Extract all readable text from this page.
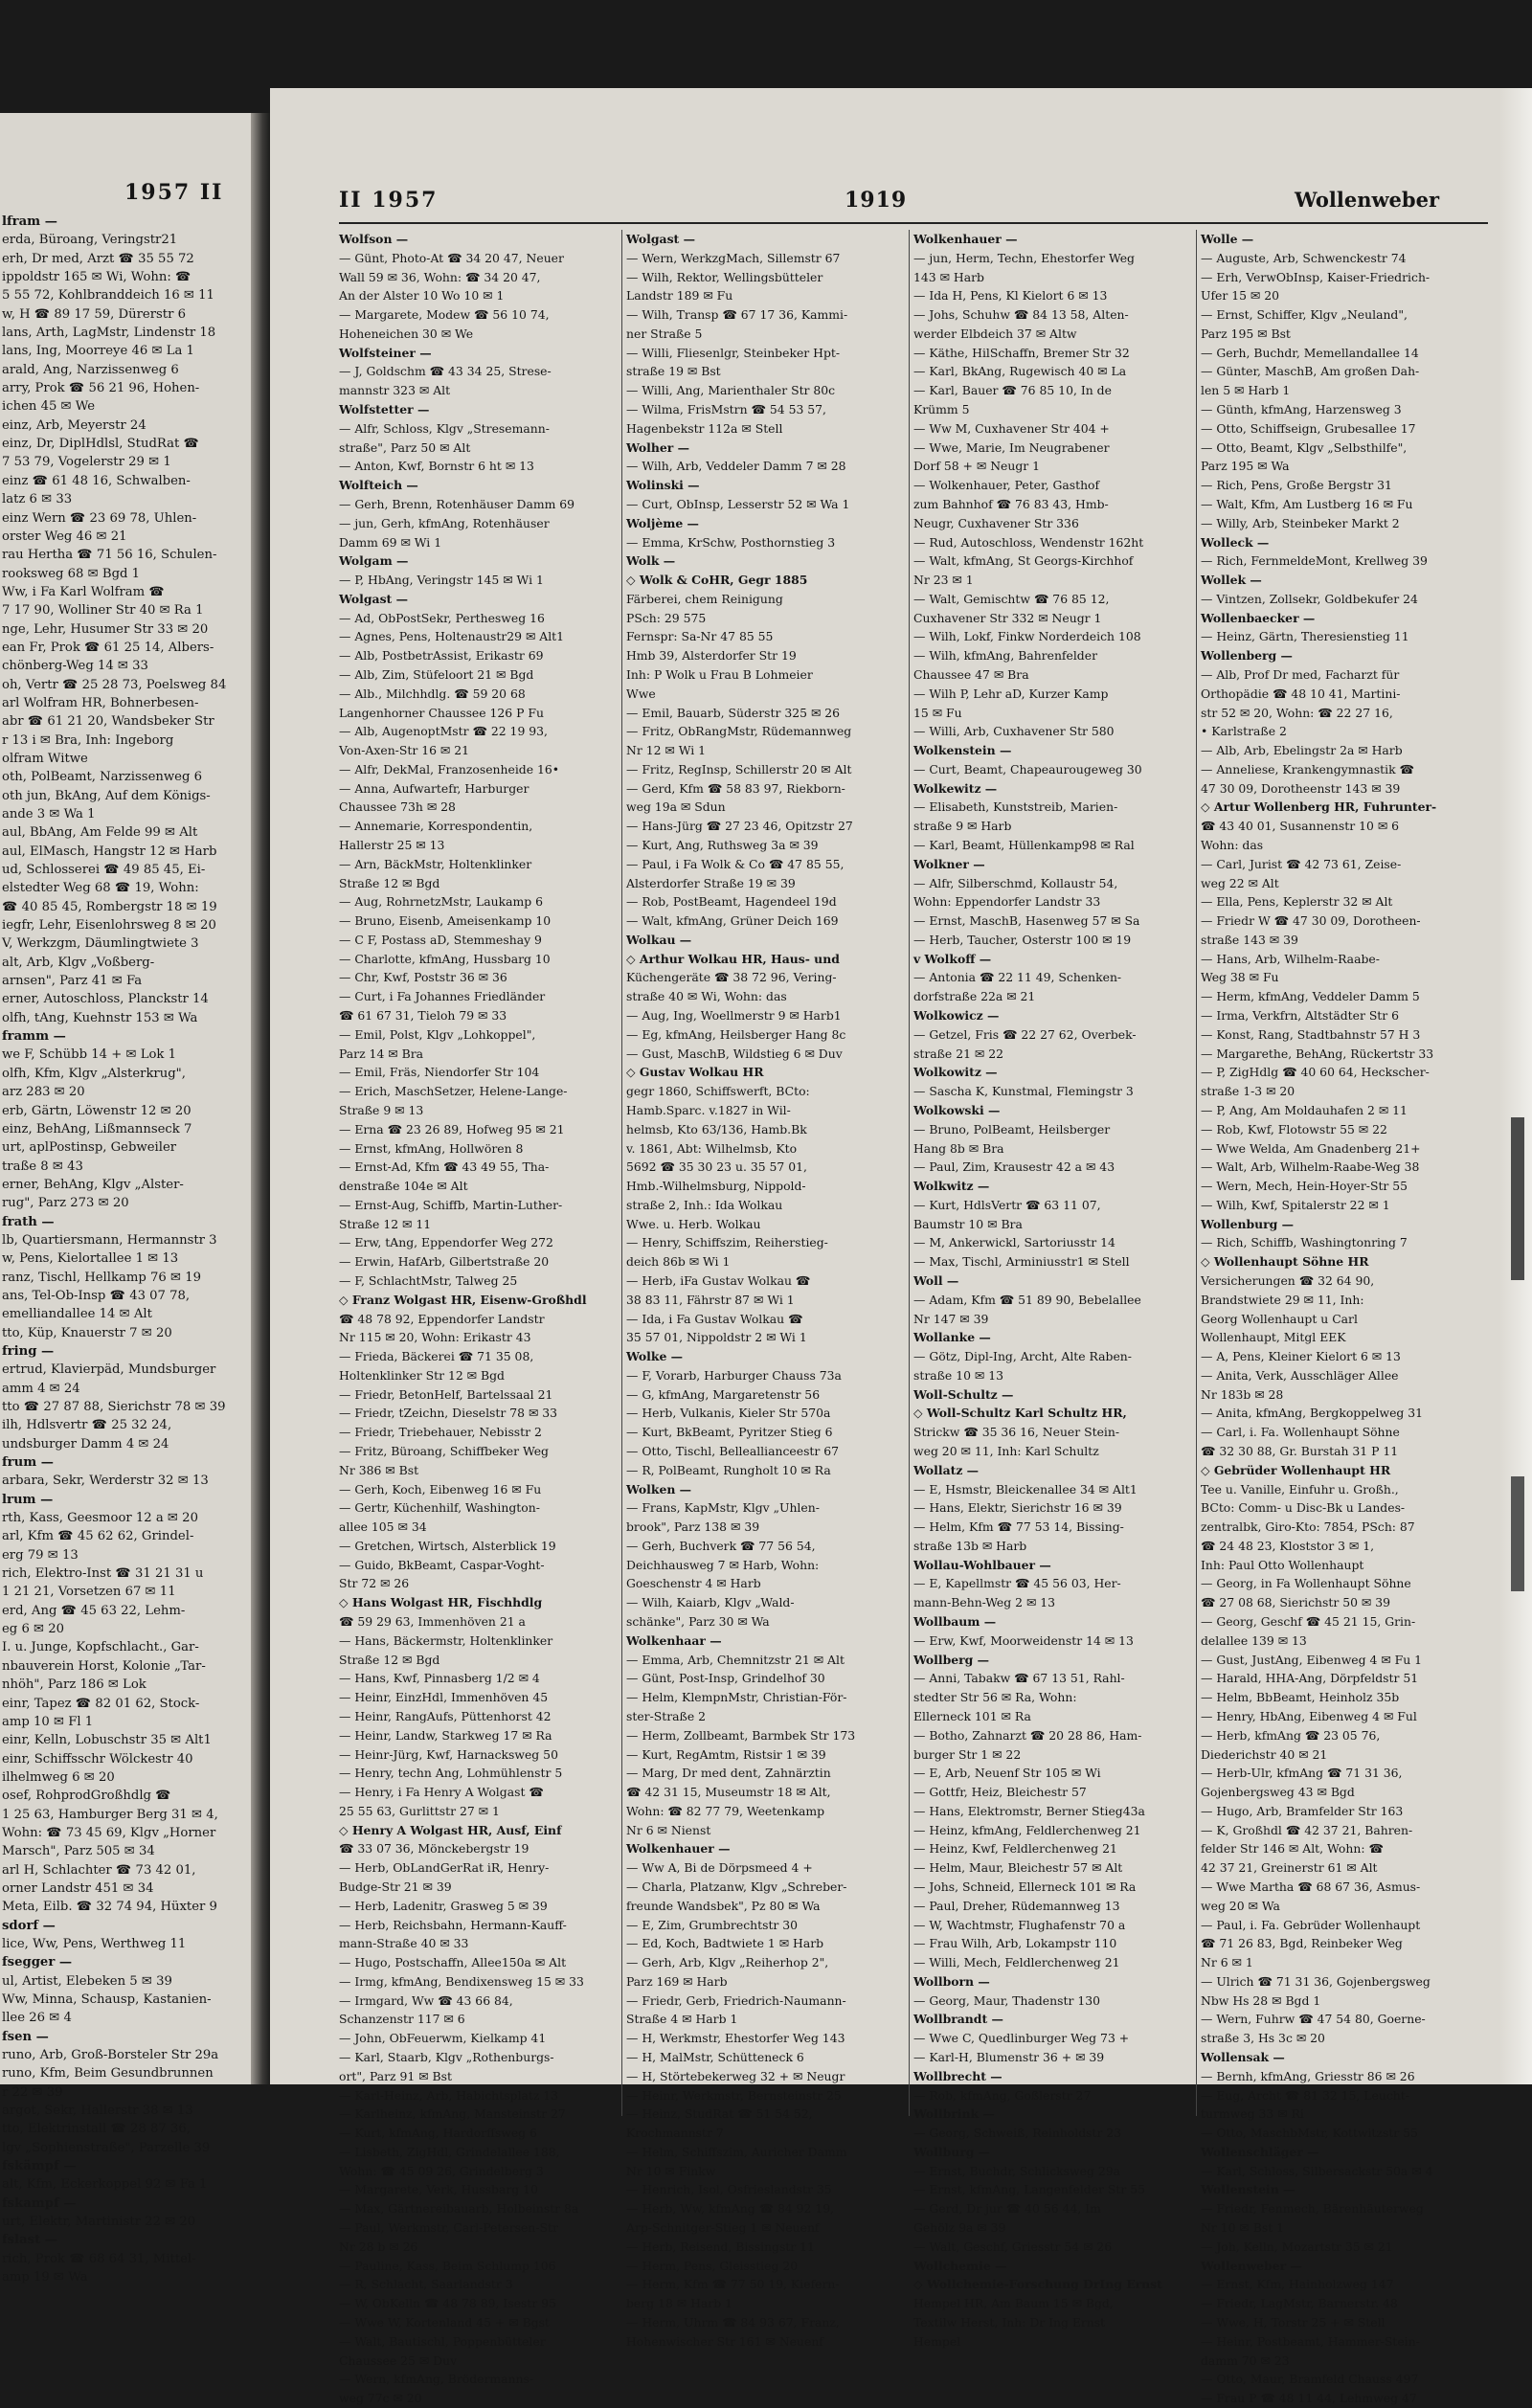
1957 II
lfram —
erda, Büroang, Veringstr21
erh, Dr med, Arzt ☎ 35 55 72
ippoldstr 165 ✉ Wi, Wohn: ☎
5 55 72, Kohlbranddeich 16 ✉ 11
w, H ☎ 89 17 59, Dürerstr 6
lans, Arth, LagMstr, Lindenstr 18
lans, Ing, Moorreye 46 ✉ La 1
arald, Ang, Narzissenweg 6
arry, Prok ☎ 56 21 96, Hohen-
ichen 45 ✉ We
einz, Arb, Meyerstr 24
einz, Dr, DiplHdlsl, StudRat ☎
7 53 79, Vogelerstr 29 ✉ 1
einz ☎ 61 48 16, Schwalben-
latz 6 ✉ 33
einz Wern ☎ 23 69 78, Uhlen-
orster Weg 46 ✉ 21
rau Hertha ☎ 71 56 16, Schulen-
rooksweg 68 ✉ Bgd 1
Ww, i Fa Karl Wolfram ☎
7 17 90, Wolliner Str 40 ✉ Ra 1
nge, Lehr, Husumer Str 33 ✉ 20
ean Fr, Prok ☎ 61 25 14, Albers-
chönberg-Weg 14 ✉ 33
oh, Vertr ☎ 25 28 73, Poelsweg 84
arl Wolfram HR, Bohnerbesen-
abr ☎ 61 21 20, Wandsbeker Str
r 13 i ✉ Bra, Inh: Ingeborg
olfram Witwe
oth, PolBeamt, Narzissenweg 6
oth jun, BkAng, Auf dem Königs-
ande 3 ✉ Wa 1
aul, BbAng, Am Felde 99 ✉ Alt
aul, ElMasch, Hangstr 12 ✉ Harb
ud, Schlosserei ☎ 49 85 45, Ei-
elstedter Weg 68 ☎ 19, Wohn:
☎ 40 85 45, Rombergstr 18 ✉ 19
iegfr, Lehr, Eisenlohrsweg 8 ✉ 20
V, Werkzgm, Däumlingtwiete 3
alt, Arb, Klgv „Voßberg-
arnsen", Parz 41 ✉ Fa
erner, Autoschloss, Planckstr 14
olfh, tAng, Kuehnstr 153 ✉ Wa
framm —
we F, Schübb 14 + ✉ Lok 1
olfh, Kfm, Klgv „Alsterkrug",
arz 283 ✉ 20
erb, Gärtn, Löwenstr 12 ✉ 20
einz, BehAng, Lißmannseck 7
urt, aplPostinsp, Gebweiler
traße 8 ✉ 43
erner, BehAng, Klgv „Alster-
rug", Parz 273 ✉ 20
frath —
lb, Quartiersmann, Hermannstr 3
w, Pens, Kielortallee 1 ✉ 13
ranz, Tischl, Hellkamp 76 ✉ 19
ans, Tel-Ob-Insp ☎ 43 07 78,
emelliandallee 14 ✉ Alt
tto, Küp, Knauerstr 7 ✉ 20
fring —
ertrud, Klavierpäd, Mundsburger
amm 4 ✉ 24
tto ☎ 27 87 88, Sierichstr 78 ✉ 39
ilh, Hdlsvertr ☎ 25 32 24,
undsburger Damm 4 ✉ 24
frum —
arbara, Sekr, Werderstr 32 ✉ 13
lrum —
rth, Kass, Geesmoor 12 a ✉ 20
arl, Kfm ☎ 45 62 62, Grindel-
erg 79 ✉ 13
rich, Elektro-Inst ☎ 31 21 31 u
1 21 21, Vorsetzen 67 ✉ 11
erd, Ang ☎ 45 63 22, Lehm-
eg 6 ✉ 20
I. u. Junge, Kopfschlacht., Gar-
nbauverein Horst, Kolonie „Tar-
nhöh", Parz 186 ✉ Lok
einr, Tapez ☎ 82 01 62, Stock-
amp 10 ✉ Fl 1
einr, Kelln, Lobuschstr 35 ✉ Alt1
einr, Schiffsschr Wölckestr 40
ilhelmweg 6 ✉ 20
osef, RohprodGroßhdlg ☎
1 25 63, Hamburger Berg 31 ✉ 4,
Wohn: ☎ 73 45 69, Klgv „Horner
Marsch", Parz 505 ✉ 34
arl H, Schlachter ☎ 73 42 01,
orner Landstr 451 ✉ 34
Meta, Eilb. ☎ 32 74 94, Hüxter 9
sdorf —
lice, Ww, Pens, Werthweg 11
fsegger —
ul, Artist, Elebeken 5 ✉ 39
Ww, Minna, Schausp, Kastanien-
llee 26 ✉ 4
fsen —
runo, Arb, Groß-Borsteler Str 29a
runo, Kfm, Beim Gesundbrunnen
r 22 ✉ 39
argot, Sekr, Hallerstr 38 ✉ 13
tto, Elektrinstall ☎ 28 87 36,
lgv „Sophienstraße", Parzelle 39
fskämpf —
alt, Kfm, Eckerkoppel 92 ✉ Fa 1
fskampf —
urt, Elektr, Martinistr 22 ✉ 20
fslast —
rich, Prok ☎ 68 64 31, Mittel-
amp 19 ✉ Wa
II 1957	1919	Wollenweber
Wolfson —
— Günt, Photo-At ☎ 34 20 47, Neuer
Wall 59 ✉ 36, Wohn: ☎ 34 20 47,
An der Alster 10 Wo 10 ✉ 1
— Margarete, Modew ☎ 56 10 74,
Hoheneichen 30 ✉ We
Wolfsteiner —
— J, Goldschm ☎ 43 34 25, Strese-
mannstr 323 ✉ Alt
Wolfstetter —
— Alfr, Schloss, Klgv „Stresemann-
straße", Parz 50 ✉ Alt
— Anton, Kwf, Bornstr 6 ht ✉ 13
Wolfteich —
— Gerh, Brenn, Rotenhäuser Damm 69
— jun, Gerh, kfmAng, Rotenhäuser
Damm 69 ✉ Wi 1
Wolgam —
— P, HbAng, Veringstr 145 ✉ Wi 1
Wolgast —
— Ad, ObPostSekr, Perthesweg 16
— Agnes, Pens, Holtenaustr29 ✉ Alt1
— Alb, PostbetrAssist, Erikastr 69
— Alb, Zim, Stüfeloort 21 ✉ Bgd
— Alb., Milchhdlg. ☎ 59 20 68
Langenhorner Chaussee 126 P Fu
— Alb, AugenoptMstr ☎ 22 19 93,
Von-Axen-Str 16 ✉ 21
— Alfr, DekMal, Franzosenheide 16•
— Anna, Aufwartefr, Harburger
Chaussee 73h ✉ 28
— Annemarie, Korrespondentin,
Hallerstr 25 ✉ 13
— Arn, BäckMstr, Holtenklinker
Straße 12 ✉ Bgd
— Aug, RohrnetzMstr, Laukamp 6
— Bruno, Eisenb, Ameisenkamp 10
— C F, Postass aD, Stemmeshay 9
— Charlotte, kfmAng, Hussbarg 10
— Chr, Kwf, Poststr 36 ✉ 36
— Curt, i Fa Johannes Friedländer
☎ 61 67 31, Tieloh 79 ✉ 33
— Emil, Polst, Klgv „Lohkoppel",
Parz 14 ✉ Bra
— Emil, Fräs, Niendorfer Str 104
— Erich, MaschSetzer, Helene-Lange-
Straße 9 ✉ 13
— Erna ☎ 23 26 89, Hofweg 95 ✉ 21
— Ernst, kfmAng, Hollwören 8
— Ernst-Ad, Kfm ☎ 43 49 55, Tha-
denstraße 104e ✉ Alt
— Ernst-Aug, Schiffb, Martin-Luther-
Straße 12 ✉ 11
— Erw, tAng, Eppendorfer Weg 272
— Erwin, HafArb, Gilbertstraße 20
— F, SchlachtMstr, Talweg 25
◇ Franz Wolgast HR, Eisenw-Großhdl
☎ 48 78 92, Eppendorfer Landstr
Nr 115 ✉ 20, Wohn: Erikastr 43
— Frieda, Bäckerei ☎ 71 35 08,
Holtenklinker Str 12 ✉ Bgd
— Friedr, BetonHelf, Bartelssaal 21
— Friedr, tZeichn, Dieselstr 78 ✉ 33
— Friedr, Triebehauer, Nebisstr 2
— Fritz, Büroang, Schiffbeker Weg
Nr 386 ✉ Bst
— Gerh, Koch, Eibenweg 16 ✉ Fu
— Gertr, Küchenhilf, Washington-
allee 105 ✉ 34
— Gretchen, Wirtsch, Alsterblick 19
— Guido, BkBeamt, Caspar-Voght-
Str 72 ✉ 26
◇ Hans Wolgast HR, Fischhdlg
☎ 59 29 63, Immenhöven 21 a
— Hans, Bäckermstr, Holtenklinker
Straße 12 ✉ Bgd
— Hans, Kwf, Pinnasberg 1/2 ✉ 4
— Heinr, EinzHdl, Immenhöven 45
— Heinr, RangAufs, Püttenhorst 42
— Heinr, Landw, Starkweg 17 ✉ Ra
— Heinr-Jürg, Kwf, Harnacksweg 50
— Henry, techn Ang, Lohmühlenstr 5
— Henry, i Fa Henry A Wolgast ☎
25 55 63, Gurlittstr 27 ✉ 1
◇ Henry A Wolgast HR, Ausf, Einf
☎ 33 07 36, Mönckebergstr 19
— Herb, ObLandGerRat iR, Henry-
Budge-Str 21 ✉ 39
— Herb, Ladenitr, Grasweg 5 ✉ 39
— Herb, Reichsbahn, Hermann-Kauff-
mann-Straße 40 ✉ 33
— Hugo, Postschaffn, Allee150a ✉ Alt
— Irmg, kfmAng, Bendixensweg 15 ✉ 33
— Irmgard, Ww ☎ 43 66 84,
Schanzenstr 117 ✉ 6
— John, ObFeuerwm, Kielkamp 41
— Karl, Staarb, Klgv „Rothenburgs-
ort", Parz 91 ✉ Bst
— Karl-Heinz, Arb, Habichtsplatz 13
— Karlheinz, kfmAng, Mansteinstr 27
— Kurt, kfmAng, Hardorffsweg 6
— Lisbeth, ZigHdl, Grindelallee 188,
Wohn: ☎ 45 09 26, Grindelberg 3
— Margarete, Verk, Hussbarg 10
— Max, Gärtnereibauarb, Holbeinstr 8a
— Paul, Werkmstr, Carl-Petersen-Str
Nr 28 b ✉ 26
— Pauline, Kass, Beim Schlump 106
— R, Schlacht, Saarlandstr 3
— W, ObKelln ☎ 48 78 89, Isestr 95
— Wwe W, Kortenland 45 + ✉ Bgst
— Walt, Bautischl, Poppenbütteler
Chaussee 25 ✉ Duv
— Wern, kfmAng, Brödermanns-
weg 77c ✉ 20
Wolgast —
— Wern, WerkzgMach, Sillemstr 67
— Wilh, Rektor, Wellingsbütteler
Landstr 189 ✉ Fu
— Wilh, Transp ☎ 67 17 36, Kammi-
ner Straße 5
— Willi, Fliesenlgr, Steinbeker Hpt-
straße 19 ✉ Bst
— Willi, Ang, Marienthaler Str 80c
— Wilma, FrisMstrn ☎ 54 53 57,
Hagenbekstr 112a ✉ Stell
Wolher —
— Wilh, Arb, Veddeler Damm 7 ✉ 28
Wolinski —
— Curt, ObInsp, Lesserstr 52 ✉ Wa 1
Woljème —
— Emma, KrSchw, Posthornstieg 3
Wolk —
◇ Wolk & CoHR, Gegr 1885
Färberei, chem Reinigung
PSch: 29 575
Fernspr: Sa-Nr 47 85 55
Hmb 39, Alsterdorfer Str 19
Inh: P Wolk u Frau B Lohmeier
Wwe
— Emil, Bauarb, Süderstr 325 ✉ 26
— Fritz, ObRangMstr, Rüdemannweg
Nr 12 ✉ Wi 1
— Fritz, RegInsp, Schillerstr 20 ✉ Alt
— Gerd, Kfm ☎ 58 83 97, Riekborn-
weg 19a ✉ Sdun
— Hans-Jürg ☎ 27 23 46, Opitzstr 27
— Kurt, Ang, Ruthsweg 3a ✉ 39
— Paul, i Fa Wolk & Co ☎ 47 85 55,
Alsterdorfer Straße 19 ✉ 39
— Rob, PostBeamt, Hagendeel 19d
— Walt, kfmAng, Grüner Deich 169
Wolkau —
◇ Arthur Wolkau HR, Haus- und
Küchengeräte ☎ 38 72 96, Vering-
straße 40 ✉ Wi, Wohn: das
— Aug, Ing, Woellmerstr 9 ✉ Harb1
— Eg, kfmAng, Heilsberger Hang 8c
— Gust, MaschB, Wildstieg 6 ✉ Duv
◇ Gustav Wolkau HR
gegr 1860, Schiffswerft, BCto:
Hamb.Sparc. v.1827 in Wil-
helmsb, Kto 63/136, Hamb.Bk
v. 1861, Abt: Wilhelmsb, Kto
5692 ☎ 35 30 23 u. 35 57 01,
Hmb.-Wilhelmsburg, Nippold-
straße 2, Inh.: Ida Wolkau
Wwe. u. Herb. Wolkau
— Henry, Schiffszim, Reiherstieg-
deich 86b ✉ Wi 1
— Herb, iFa Gustav Wolkau ☎
38 83 11, Fährstr 87 ✉ Wi 1
— Ida, i Fa Gustav Wolkau ☎
35 57 01, Nippoldstr 2 ✉ Wi 1
Wolke —
— F, Vorarb, Harburger Chauss 73a
— G, kfmAng, Margaretenstr 56
— Herb, Vulkanis, Kieler Str 570a
— Kurt, BkBeamt, Pyritzer Stieg 6
— Otto, Tischl, Belleallianceestr 67
— R, PolBeamt, Rungholt 10 ✉ Ra
Wolken —
— Frans, KapMstr, Klgv „Uhlen-
brook", Parz 138 ✉ 39
— Gerh, Buchverk ☎ 77 56 54,
Deichhausweg 7 ✉ Harb, Wohn:
Goeschenstr 4 ✉ Harb
— Wilh, Kaiarb, Klgv „Wald-
schänke", Parz 30 ✉ Wa
Wolkenhaar —
— Emma, Arb, Chemnitzstr 21 ✉ Alt
— Günt, Post-Insp, Grindelhof 30
— Helm, KlempnMstr, Christian-För-
ster-Straße 2
— Herm, Zollbeamt, Barmbek Str 173
— Kurt, RegAmtm, Ristsir 1 ✉ 39
— Marg, Dr med dent, Zahnärztin
☎ 42 31 15, Museumstr 18 ✉ Alt,
Wohn: ☎ 82 77 79, Weetenkamp
Nr 6 ✉ Nienst
Wolkenhauer —
— Ww A, Bi de Dörpsmeed 4 +
— Charla, Platzanw, Klgv „Schreber-
freunde Wandsbek", Pz 80 ✉ Wa
— E, Zim, Grumbrechtstr 30
— Ed, Koch, Badtwiete 1 ✉ Harb
— Gerh, Arb, Klgv „Reiherhop 2",
Parz 169 ✉ Harb
— Friedr, Gerb, Friedrich-Naumann-
Straße 4 ✉ Harb 1
— H, Werkmstr, Ehestorfer Weg 143
— H, MalMstr, Schütteneck 6
— H, Störtebekerweg 32 + ✉ Neugr
— Heinr, Werkmstr, Bernsteinstr 25
— Heinz, StudRat ☎ 51 54 52,
Krochmannstr 7
— Helm, Schiffszim, Auricher Damm
Nr 10 ✉ Finkw
— Henrich, Isol, Osfrieslandstr 35
— Herb, Ww, kfmAng ☎ 84 92 19,
Arp-Schnitger-Stieg 1 ✉ Neuenf
— Herb, Reisend, Bissingstr 11
— Herm, Pens, Gleisstieg 20
— Herm, Kfm ☎ 77 50 19, Kiefern-
berg 18 ✉ Harb 1
— Herm, Uhrm ☎ 84 93 67, Franz,
Hohenwischer Str 161 ✉ Neuenf
Wolkenhauer —
— jun, Herm, Techn, Ehestorfer Weg
143 ✉ Harb
— Ida H, Pens, Kl Kielort 6 ✉ 13
— Johs, Schuhw ☎ 84 13 58, Alten-
werder Elbdeich 37 ✉ Altw
— Käthe, HilSchaffn, Bremer Str 32
— Karl, BkAng, Rugewisch 40 ✉ La
— Karl, Bauer ☎ 76 85 10, In de
Krümm 5
— Ww M, Cuxhavener Str 404 +
— Wwe, Marie, Im Neugrabener
Dorf 58 + ✉ Neugr 1
— Wolkenhauer, Peter, Gasthof
zum Bahnhof ☎ 76 83 43, Hmb-
Neugr, Cuxhavener Str 336
— Rud, Autoschloss, Wendenstr 162ht
— Walt, kfmAng, St Georgs-Kirchhof
Nr 23 ✉ 1
— Walt, Gemischtw ☎ 76 85 12,
Cuxhavener Str 332 ✉ Neugr 1
— Wilh, Lokf, Finkw Norderdeich 108
— Wilh, kfmAng, Bahrenfelder
Chaussee 47 ✉ Bra
— Wilh P, Lehr aD, Kurzer Kamp
15 ✉ Fu
— Willi, Arb, Cuxhavener Str 580
Wolkenstein —
— Curt, Beamt, Chapeaurougeweg 30
Wolkewitz —
— Elisabeth, Kunststreib, Marien-
straße 9 ✉ Harb
— Karl, Beamt, Hüllenkamp98 ✉ Ral
Wolkner —
— Alfr, Silberschmd, Kollaustr 54,
Wohn: Eppendorfer Landstr 33
— Ernst, MaschB, Hasenweg 57 ✉ Sa
— Herb, Taucher, Osterstr 100 ✉ 19
v Wolkoff —
— Antonia ☎ 22 11 49, Schenken-
dorfstraße 22a ✉ 21
Wolkowicz —
— Getzel, Fris ☎ 22 27 62, Overbek-
straße 21 ✉ 22
Wolkowitz —
— Sascha K, Kunstmal, Flemingstr 3
Wolkowski —
— Bruno, PolBeamt, Heilsberger
Hang 8b ✉ Bra
— Paul, Zim, Krausestr 42 a ✉ 43
Wolkwitz —
— Kurt, HdlsVertr ☎ 63 11 07,
Baumstr 10 ✉ Bra
— M, Ankerwickl, Sartoriusstr 14
— Max, Tischl, Arminiusstr1 ✉ Stell
Woll —
— Adam, Kfm ☎ 51 89 90, Bebelallee
Nr 147 ✉ 39
Wollanke —
— Götz, Dipl-Ing, Archt, Alte Raben-
straße 10 ✉ 13
Woll-Schultz —
◇ Woll-Schultz Karl Schultz HR,
Strickw ☎ 35 36 16, Neuer Stein-
weg 20 ✉ 11, Inh: Karl Schultz
Wollatz —
— E, Hsmstr, Bleickenallee 34 ✉ Alt1
— Hans, Elektr, Sierichstr 16 ✉ 39
— Helm, Kfm ☎ 77 53 14, Bissing-
straße 13b ✉ Harb
Wollau-Wohlbauer —
— E, Kapellmstr ☎ 45 56 03, Her-
mann-Behn-Weg 2 ✉ 13
Wollbaum —
— Erw, Kwf, Moorweidenstr 14 ✉ 13
Wollberg —
— Anni, Tabakw ☎ 67 13 51, Rahl-
stedter Str 56 ✉ Ra, Wohn:
Ellerneck 101 ✉ Ra
— Botho, Zahnarzt ☎ 20 28 86, Ham-
burger Str 1 ✉ 22
— E, Arb, Neuenf Str 105 ✉ Wi
— Gottfr, Heiz, Bleichestr 57
— Hans, Elektromstr, Berner Stieg43a
— Heinz, kfmAng, Feldlerchenweg 21
— Heinz, Kwf, Feldlerchenweg 21
— Helm, Maur, Bleichestr 57 ✉ Alt
— Johs, Schneid, Ellerneck 101 ✉ Ra
— Paul, Dreher, Rüdemannweg 13
— W, Wachtmstr, Flughafenstr 70 a
— Frau Wilh, Arb, Lokampstr 110
— Willi, Mech, Feldlerchenweg 21
Wollborn —
— Georg, Maur, Thadenstr 130
Wollbrandt —
— Wwe C, Quedlinburger Weg 73 +
— Karl-H, Blumenstr 36 + ✉ 39
Wollbrecht —
— Rob, kfmAng, Goßlerstr 27
Wollbrink —
— Georg, Schweiß, Reinholdstr 23
Wollburg —
— Ernst, Buchdr, Schlicksweg 29a
— Ernst, kfmAng, Langenfelder Str 55
— Gerd, Dr jur ☎ 40 56 44, Im
Gehölz 9a ✉ 39
— Walt, Geschf, Griesstr 54 ✉ 26
Wollchemie —
◇ Wollchemie-Forschung DrIng Ernst
Hempel HR, Am Baum 15 ✉ Bgd,
Textilw Herst, Inh: Dr Ing Ernst
Hempel
Wolle —
— Auguste, Arb, Schwenckestr 74
— Erh, VerwObInsp, Kaiser-Friedrich-
Ufer 15 ✉ 20
— Ernst, Schiffer, Klgv „Neuland",
Parz 195 ✉ Bst
— Gerh, Buchdr, Memellandallee 14
— Günter, MaschB, Am großen Dah-
len 5 ✉ Harb 1
— Günth, kfmAng, Harzensweg 3
— Otto, Schiffseign, Grubesallee 17
— Otto, Beamt, Klgv „Selbsthilfe",
Parz 195 ✉ Wa
— Rich, Pens, Große Bergstr 31
— Walt, Kfm, Am Lustberg 16 ✉ Fu
— Willy, Arb, Steinbeker Markt 2
Wolleck —
— Rich, FernmeldeMont, Krellweg 39
Wollek —
— Vintzen, Zollsekr, Goldbekufer 24
Wollenbaecker —
— Heinz, Gärtn, Theresienstieg 11
Wollenberg —
— Alb, Prof Dr med, Facharzt für
Orthopädie ☎ 48 10 41, Martini-
str 52 ✉ 20, Wohn: ☎ 22 27 16,
• Karlstraße 2
— Alb, Arb, Ebelingstr 2a ✉ Harb
— Anneliese, Krankengymnastik ☎
47 30 09, Dorotheenstr 143 ✉ 39
◇ Artur Wollenberg HR, Fuhrunter-
☎ 43 40 01, Susannenstr 10 ✉ 6
Wohn: das
— Carl, Jurist ☎ 42 73 61, Zeise-
weg 22 ✉ Alt
— Ella, Pens, Keplerstr 32 ✉ Alt
— Friedr W ☎ 47 30 09, Dorotheen-
straße 143 ✉ 39
— Hans, Arb, Wilhelm-Raabe-
Weg 38 ✉ Fu
— Herm, kfmAng, Veddeler Damm 5
— Irma, Verkfrn, Altstädter Str 6
— Konst, Rang, Stadtbahnstr 57 H 3
— Margarethe, BehAng, Rückertstr 33
— P, ZigHdlg ☎ 40 60 64, Heckscher-
straße 1-3 ✉ 20
— P, Ang, Am Moldauhafen 2 ✉ 11
— Rob, Kwf, Flotowstr 55 ✉ 22
— Wwe Welda, Am Gnadenberg 21+
— Walt, Arb, Wilhelm-Raabe-Weg 38
— Wern, Mech, Hein-Hoyer-Str 55
— Wilh, Kwf, Spitalerstr 22 ✉ 1
Wollenburg —
— Rich, Schiffb, Washingtonring 7
◇ Wollenhaupt Söhne HR
Versicherungen ☎ 32 64 90,
Brandstwiete 29 ✉ 11, Inh:
Georg Wollenhaupt u Carl
Wollenhaupt, Mitgl EEK
— A, Pens, Kleiner Kielort 6 ✉ 13
— Anita, Verk, Ausschläger Allee
Nr 183b ✉ 28
— Anita, kfmAng, Bergkoppelweg 31
— Carl, i. Fa. Wollenhaupt Söhne
☎ 32 30 88, Gr. Burstah 31 P 11
◇ Gebrüder Wollenhaupt HR
Tee u. Vanille, Einfuhr u. Großh.,
BCto: Comm- u Disc-Bk u Landes-
zentralbk, Giro-Kto: 7854, PSch: 87
☎ 24 48 23, Kloststor 3 ✉ 1,
Inh: Paul Otto Wollenhaupt
— Georg, in Fa Wollenhaupt Söhne
☎ 27 08 68, Sierichstr 50 ✉ 39
— Georg, Geschf ☎ 45 21 15, Grin-
delallee 139 ✉ 13
— Gust, JustAng, Eibenweg 4 ✉ Fu 1
— Harald, HHA-Ang, Dörpfeldstr 51
— Helm, BbBeamt, Heinholz 35b
— Henry, HbAng, Eibenweg 4 ✉ Ful
— Herb, kfmAng ☎ 23 05 76,
Diederichstr 40 ✉ 21
— Herb-Ulr, kfmAng ☎ 71 31 36,
Gojenbergsweg 43 ✉ Bgd
— Hugo, Arb, Bramfelder Str 163
— K, Großhdl ☎ 42 37 21, Bahren-
felder Str 146 ✉ Alt, Wohn: ☎
42 37 21, Greinerstr 61 ✉ Alt
— Wwe Martha ☎ 68 67 36, Asmus-
weg 20 ✉ Wa
— Paul, i. Fa. Gebrüder Wollenhaupt
☎ 71 26 83, Bgd, Reinbeker Weg
Nr 6 ✉ 1
— Ulrich ☎ 71 31 36, Gojenbergsweg
Nbw Hs 28 ✉ Bgd 1
— Wern, Fuhrw ☎ 47 54 80, Goerne-
straße 3, Hs 3c ✉ 20
Wollensak —
— Bernh, kfmAng, Griesstr 86 ✉ 26
— Eug, Archt ☎ 81 32 15, Leucht-
turmweg 33 ✉ Ri
— Otto, MaschbMstr, Kottwitzstr 55
Wollenschläger —
— Karl, Schloss, Silbersackstr 50a ✉ 4
Wollenstein —
— Friedr, Fenmech, Bärenhäuterweg
Nr 10 ✉ Bst 1
— Joh, Kelln, Mozartstr 35 ✉ 21
Wollenweber —
— Ernst, Kfm, Hainholzweg 147
— Friedr, LagMstr, Barnerstr. 48
— Wwe, H, Torstr 25 + ✉ Stell
— Heinr, Postbeamt, Hammer-Stein-
damm 70 ✉ 23
— Otto, Maur, Bramfeld Chauss 497
— Frau P ☎ 48 11 44, Lehmweg 47
